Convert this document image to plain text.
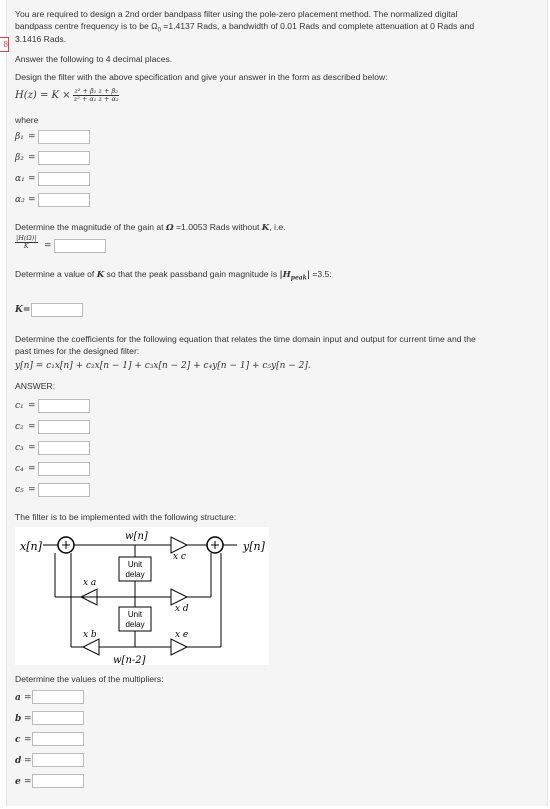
8
You are required to design a 2nd order bandpass filter using the pole-zero placement method. The normalized digital
bandpass centre frequency is to be $\Omega_0 =1.4137$ Rads, a bandwidth of 0.01 Rads and complete attenuation at 0 Rads and
3.1416 Rads.
Answer the following to 4 decimal places.
Design the filter with the above specification and give your answer in the form as described below:
$H(z) = K \times \frac{\text{z² + β₁ z + β₂}}{\text{z² + α₁ z + α₂}}$
where
β₁ =
β₂ =
α₁ =
α₂ =
Determine the magnitude of the gain at Ω =1.0053 Rads without K, i.e.
$\frac{|H(\Omega)|}{K}$ =
Determine a value of K so that the peak passband gain magnitude is $|H_{peak}| =3.5$:
K=
Determine the coefficients for the following equation that relates the time domain input and output for current time and the
past times for the designed filter:
y[n] = c₁x[n] + c₂x[n − 1] + c₃x[n − 2] + c₄y[n − 1] + c₅y[n − 2].
ANSWER:
c₁ =
c₂ =
c₃ =
c₄ =
c₅ =
The filter is to be implemented with the following structure:
x[n]	y[n]
w[n]
w[n-2]
Unit
delay
Unit
delay
x c
x a
x d
x b	x e
Determine the values of the multipliers:
a =
b =
c =
d =
e =
